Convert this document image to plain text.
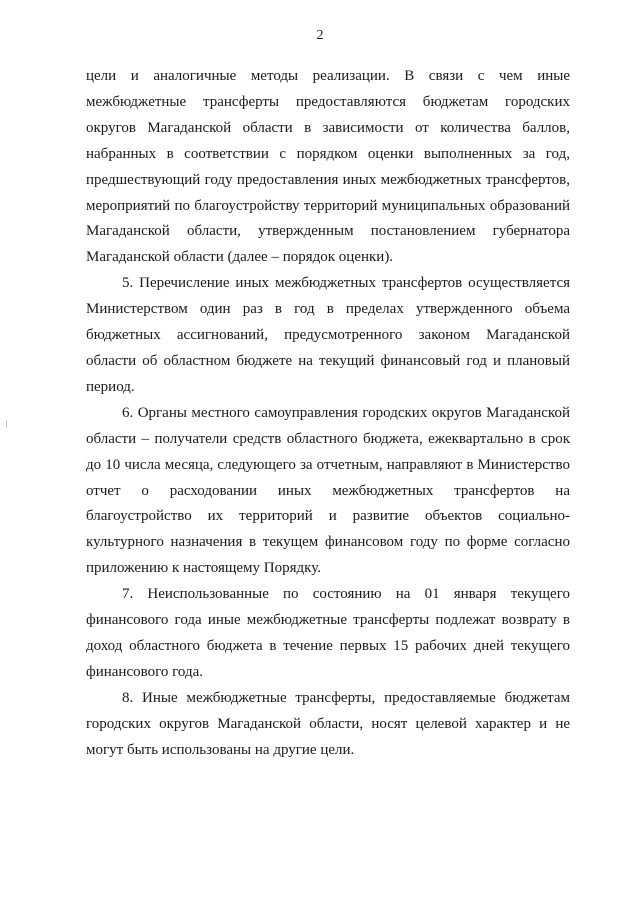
2

цели и аналогичные методы реализации. В связи с чем иные межбюджетные трансферты предоставляются бюджетам городских округов Магаданской области в зависимости от количества баллов, набранных в соответствии с порядком оценки выполненных за год, предшествующий году предоставления иных межбюджетных трансфертов, мероприятий по благоустройству территорий муниципальных образований Магаданской области, утвержденным постановлением губернатора Магаданской области (далее – порядок оценки).

5. Перечисление иных межбюджетных трансфертов осуществляется Министерством один раз в год в пределах утвержденного объема бюджетных ассигнований, предусмотренного законом Магаданской области об областном бюджете на текущий финансовый год и плановый период.

6. Органы местного самоуправления городских округов Магаданской области – получатели средств областного бюджета, ежеквартально в срок до 10 числа месяца, следующего за отчетным, направляют в Министерство отчет о расходовании иных межбюджетных трансфертов на благоустройство их территорий и развитие объектов социально-культурного назначения в текущем финансовом году по форме согласно приложению к настоящему Порядку.

7. Неиспользованные по состоянию на 01 января текущего финансового года иные межбюджетные трансферты подлежат возврату в доход областного бюджета в течение первых 15 рабочих дней текущего финансового года.

8. Иные межбюджетные трансферты, предоставляемые бюджетам городских округов Магаданской области, носят целевой характер и не могут быть использованы на другие цели.
